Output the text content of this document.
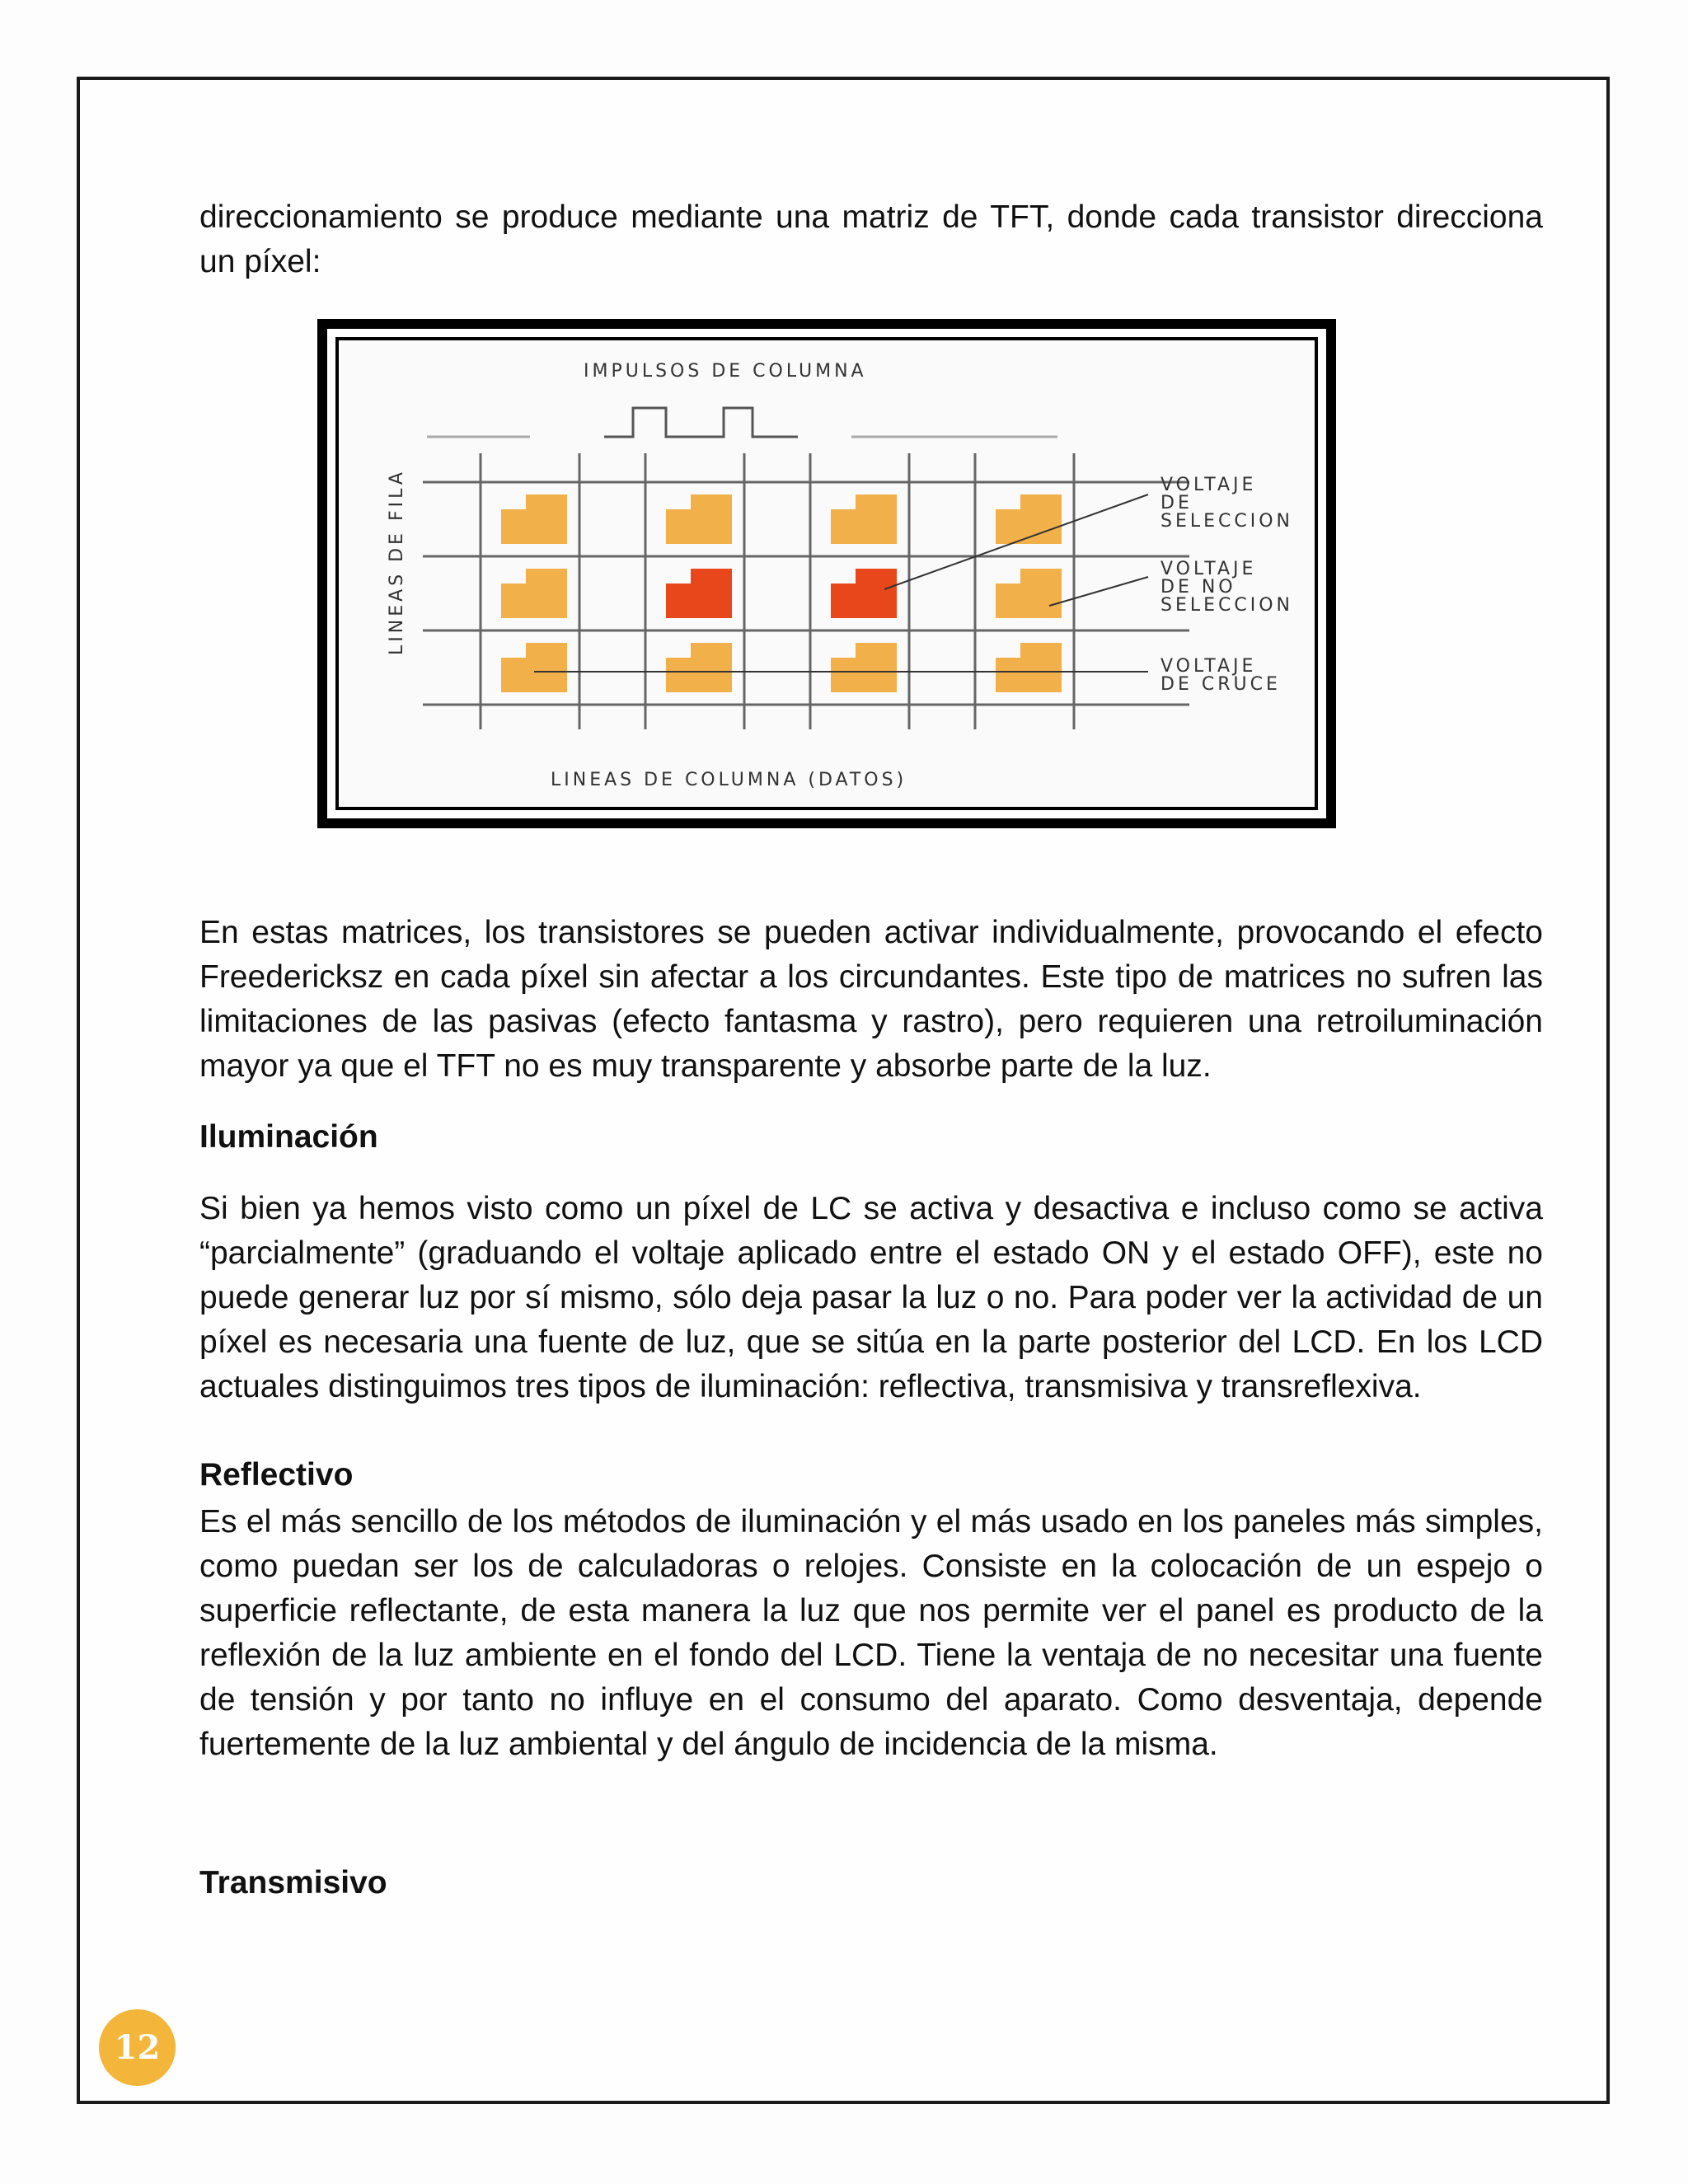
direccionamiento se produce mediante una matriz de TFT, donde cada transistor direcciona un píxel:

IMPULSOS DE COLUMNA
LINEAS DE FILA	VOLTAJE
DE
SELECCION
VOLTAJE
DE NO
SELECCION
VOLTAJE
DE CRUCE
LINEAS DE COLUMNA (DATOS)

En estas matrices, los transistores se pueden activar individualmente, provocando el efecto Freedericksz en cada píxel sin afectar a los circundantes. Este tipo de matrices no sufren las limitaciones de las pasivas (efecto fantasma y rastro), pero requieren una retroiluminación mayor ya que el TFT no es muy transparente y absorbe parte de la luz.

Iluminación

Si bien ya hemos visto como un píxel de LC se activa y desactiva e incluso como se activa “parcialmente” (graduando el voltaje aplicado entre el estado ON y el estado OFF), este no puede generar luz por sí mismo, sólo deja pasar la luz o no. Para poder ver la actividad de un píxel es necesaria una fuente de luz, que se sitúa en la parte posterior del LCD. En los LCD actuales distinguimos tres tipos de iluminación: reflectiva, transmisiva y transreflexiva.

Reflectivo

Es el más sencillo de los métodos de iluminación y el más usado en los paneles más simples, como puedan ser los de calculadoras o relojes. Consiste en la colocación de un espejo o superficie reflectante, de esta manera la luz que nos permite ver el panel es producto de la reflexión de la luz ambiente en el fondo del LCD. Tiene la ventaja de no necesitar una fuente de tensión y por tanto no influye en el consumo del aparato. Como desventaja, depende fuertemente de la luz ambiental y del ángulo de incidencia de la misma.

Transmisivo
12
